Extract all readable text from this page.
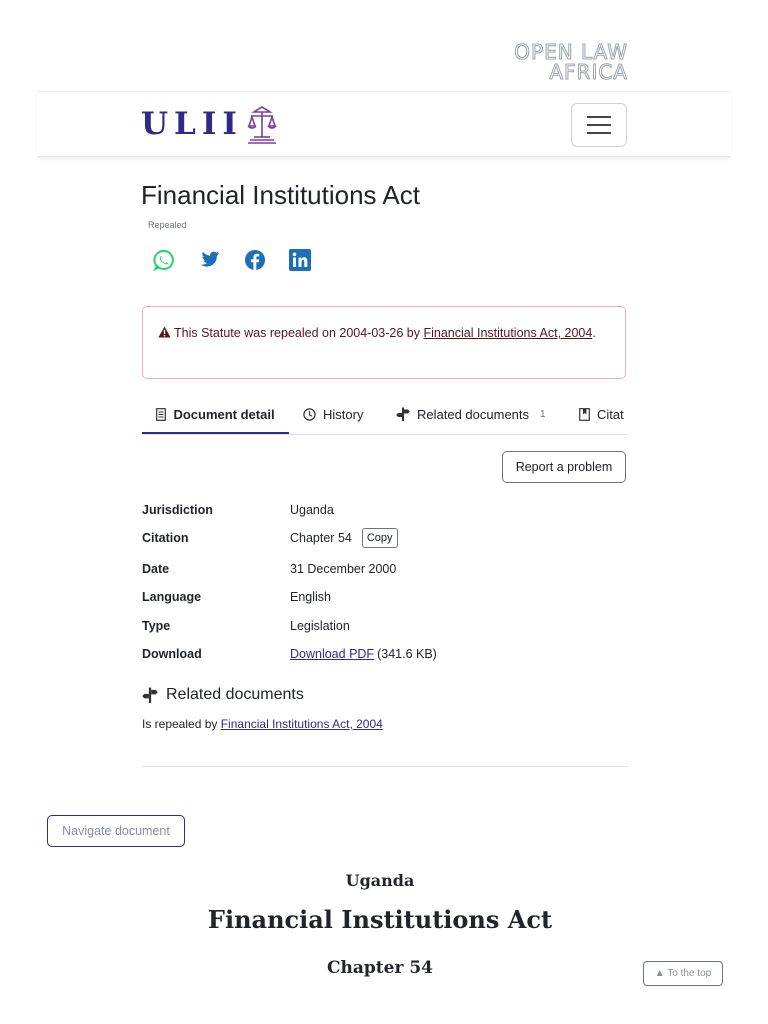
OPEN LAW
AFRICA
ULII
Financial Institutions Act
Repealed
This Statute was repealed on 2004-03-26 by Financial Institutions Act, 2004.
Document detail	History	Related documents 1	Citat
Report a problem
Jurisdiction	Uganda
Citation	Chapter 54	Copy
Date	31 December 2000
Language	English
Type	Legislation
Download	Download PDF (341.6 KB)
Related documents
Is repealed by Financial Institutions Act, 2004
Navigate document
Uganda
Financial Institutions Act
Chapter 54	▲ To the top
